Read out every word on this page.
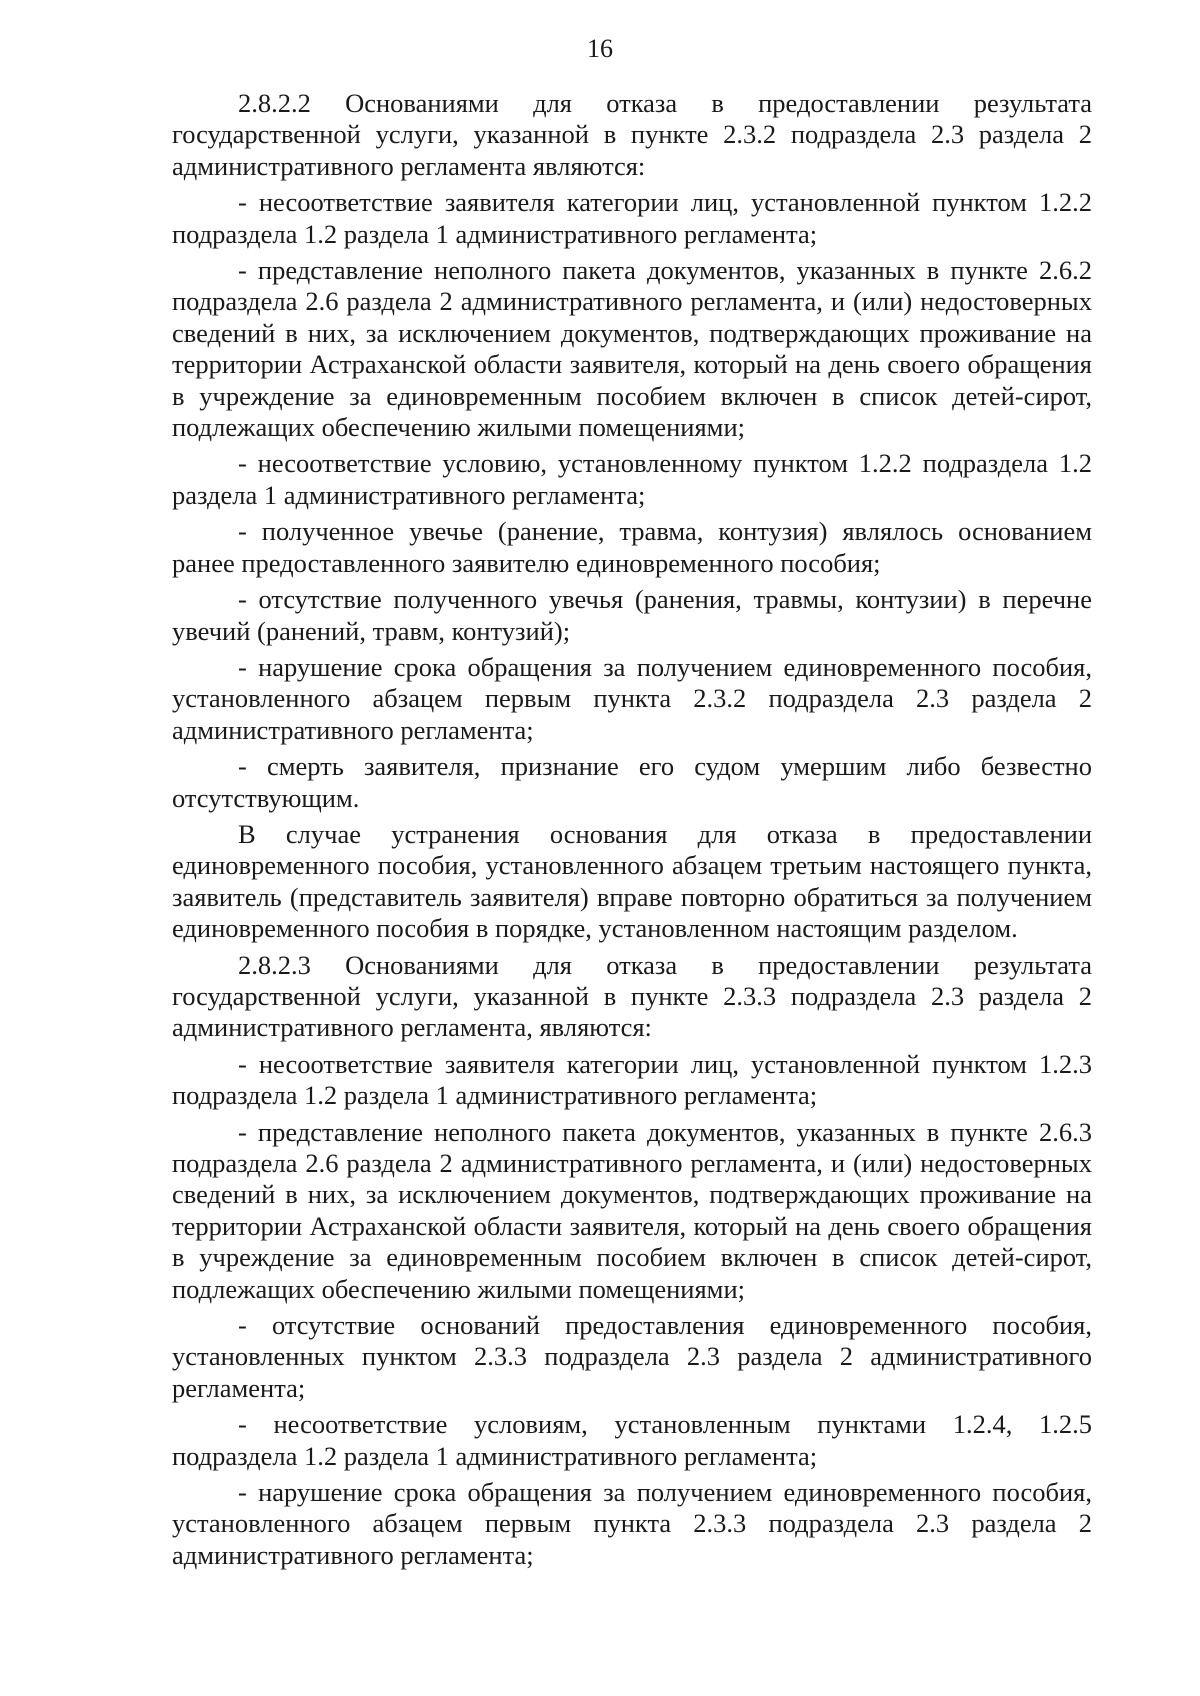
16

2.8.2.2 Основаниями для отказа в предоставлении результата государственной услуги, указанной в пункте 2.3.2 подраздела 2.3 раздела 2 административного регламента являются:

- несоответствие заявителя категории лиц, установленной пунктом 1.2.2 подраздела 1.2 раздела 1 административного регламента;

- представление неполного пакета документов, указанных в пункте 2.6.2 подраздела 2.6 раздела 2 административного регламента, и (или) недостоверных сведений в них, за исключением документов, подтверждающих проживание на территории Астраханской области заявителя, который на день своего обращения в учреждение за единовременным пособием включен в список детей-сирот, подлежащих обеспечению жилыми помещениями;

- несоответствие условию, установленному пунктом 1.2.2 подраздела 1.2 раздела 1 административного регламента;

- полученное увечье (ранение, травма, контузия) являлось основанием ранее предоставленного заявителю единовременного пособия;

- отсутствие полученного увечья (ранения, травмы, контузии) в перечне увечий (ранений, травм, контузий);

- нарушение срока обращения за получением единовременного пособия, установленного абзацем первым пункта 2.3.2 подраздела 2.3 раздела 2 административного регламента;

- смерть заявителя, признание его судом умершим либо безвестно отсутствующим.

В случае устранения основания для отказа в предоставлении единовременного пособия, установленного абзацем третьим настоящего пункта, заявитель (представитель заявителя) вправе повторно обратиться за получением единовременного пособия в порядке, установленном настоящим разделом.

2.8.2.3 Основаниями для отказа в предоставлении результата государственной услуги, указанной в пункте 2.3.3 подраздела 2.3 раздела 2 административного регламента, являются:

- несоответствие заявителя категории лиц, установленной пунктом 1.2.3 подраздела 1.2 раздела 1 административного регламента;

- представление неполного пакета документов, указанных в пункте 2.6.3 подраздела 2.6 раздела 2 административного регламента, и (или) недостоверных сведений в них, за исключением документов, подтверждающих проживание на территории Астраханской области заявителя, который на день своего обращения в учреждение за единовременным пособием включен в список детей-сирот, подлежащих обеспечению жилыми помещениями;

- отсутствие оснований предоставления единовременного пособия, установленных пунктом 2.3.3 подраздела 2.3 раздела 2 административного регламента;

- несоответствие условиям, установленным пунктами 1.2.4, 1.2.5 подраздела 1.2 раздела 1 административного регламента;

- нарушение срока обращения за получением единовременного пособия, установленного абзацем первым пункта 2.3.3 подраздела 2.3 раздела 2 административного регламента;
